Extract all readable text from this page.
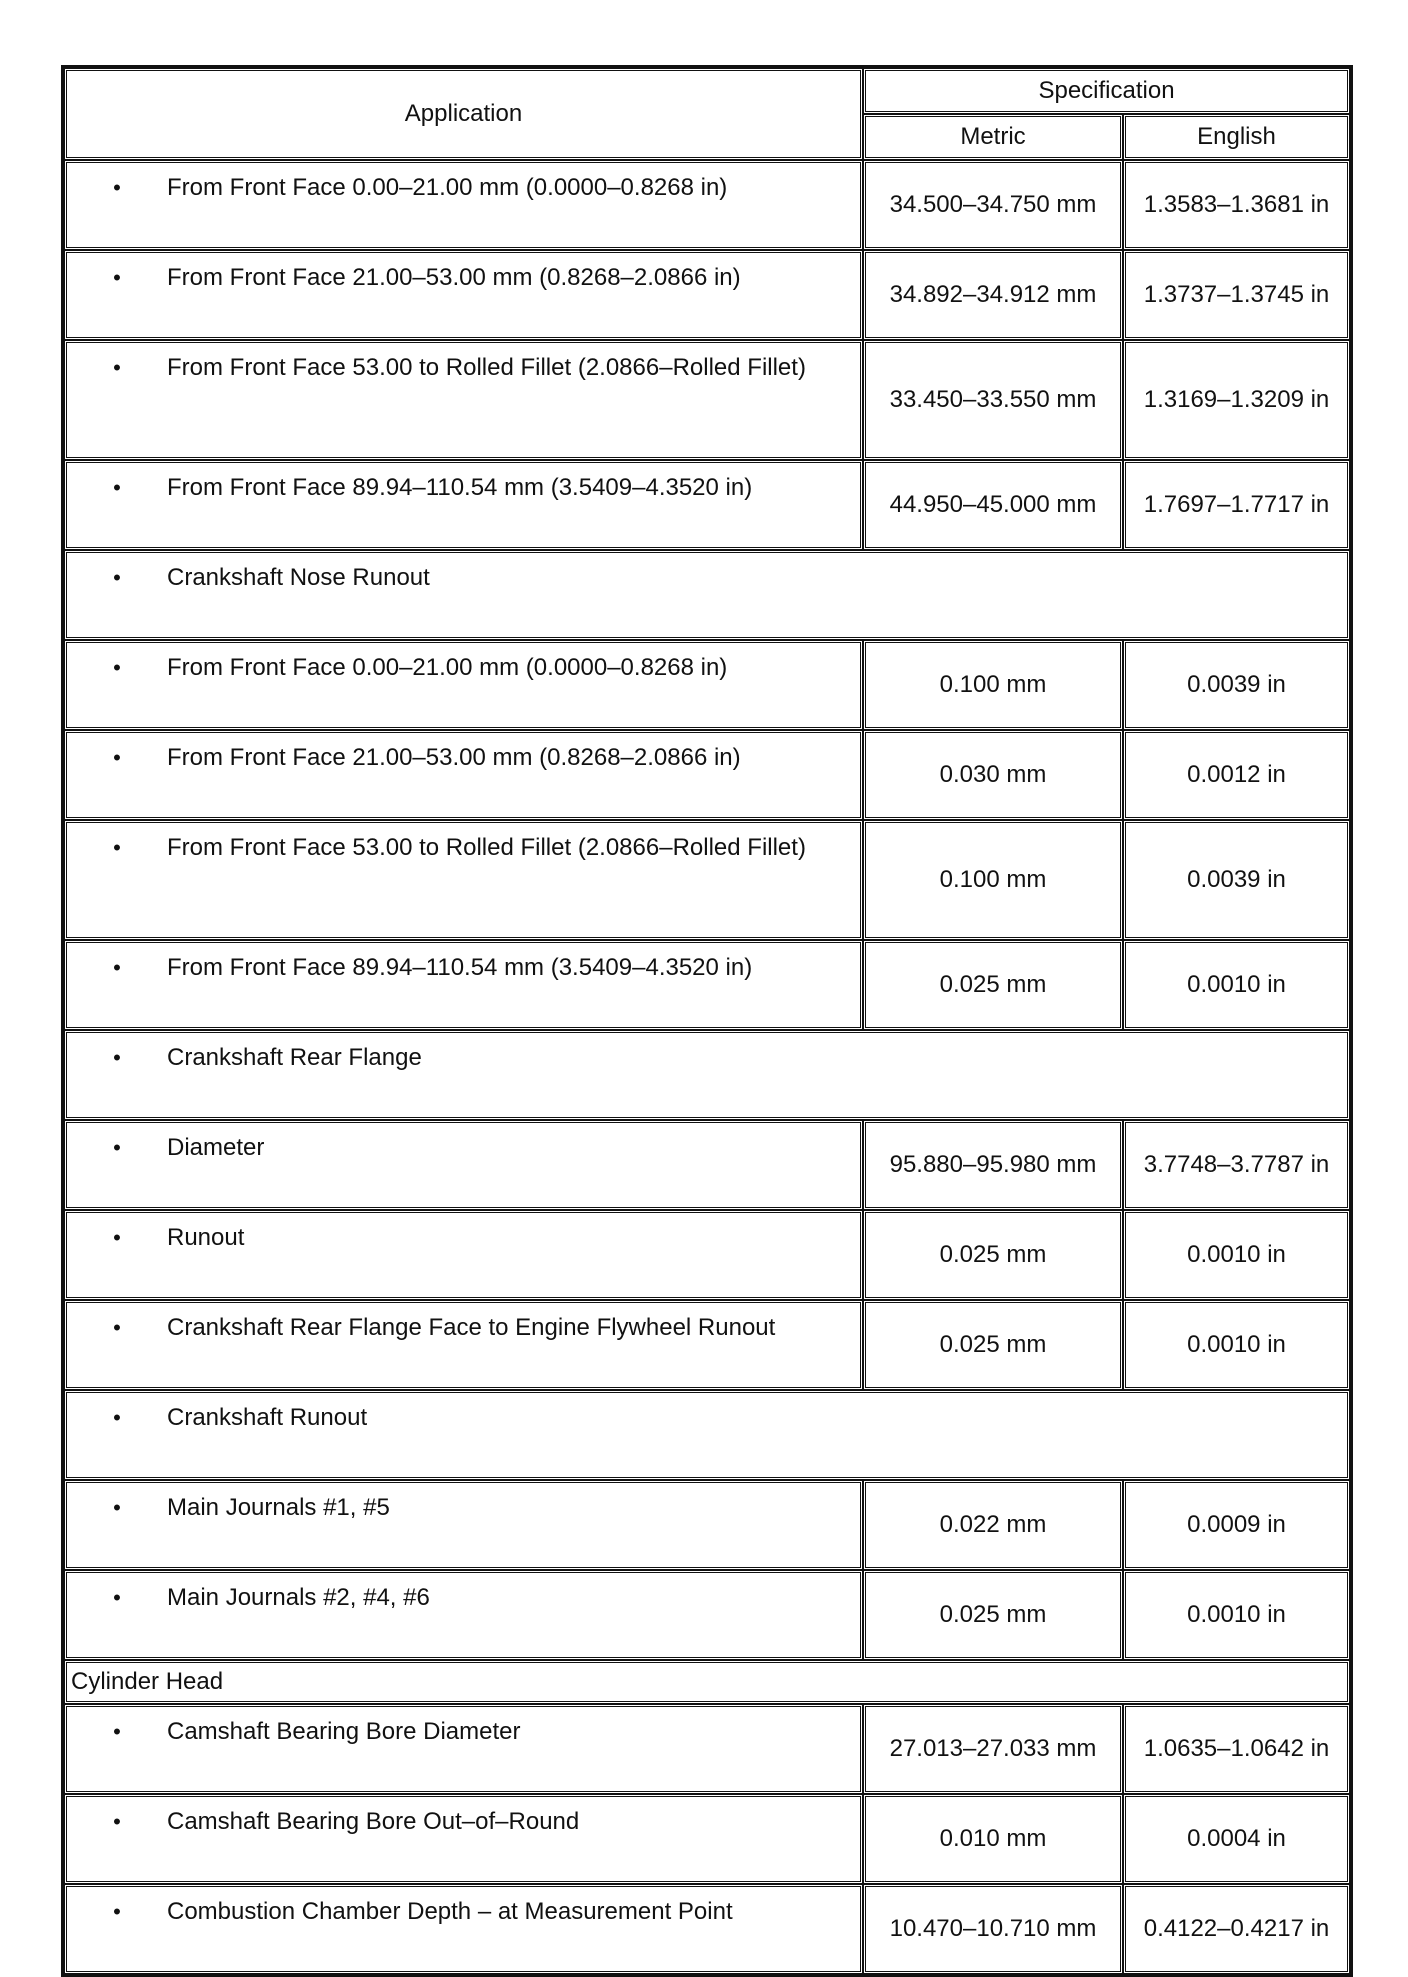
Application	Specification	
	Metric	English

• From Front Face 0.00–21.00 mm (0.0000–0.8268 in)	34.500–34.750 mm	1.3583–1.3681 in

• From Front Face 21.00–53.00 mm (0.8268–2.0866 in)	34.892–34.912 mm	1.3737–1.3745 in

• From Front Face 53.00 to Rolled Fillet (2.0866–Rolled Fillet)	33.450–33.550 mm	1.3169–1.3209 in

• From Front Face 89.94–110.54 mm (3.5409–4.3520 in)	44.950–45.000 mm	1.7697–1.7717 in

• Crankshaft Nose Runout		

• From Front Face 0.00–21.00 mm (0.0000–0.8268 in)	0.100 mm	0.0039 in

• From Front Face 21.00–53.00 mm (0.8268–2.0866 in)	0.030 mm	0.0012 in

• From Front Face 53.00 to Rolled Fillet (2.0866–Rolled Fillet)	0.100 mm	0.0039 in

• From Front Face 89.94–110.54 mm (3.5409–4.3520 in)	0.025 mm	0.0010 in

• Crankshaft Rear Flange		

• Diameter	95.880–95.980 mm	3.7748–3.7787 in

• Runout	0.025 mm	0.0010 in

• Crankshaft Rear Flange Face to Engine Flywheel Runout	0.025 mm	0.0010 in

• Crankshaft Runout		

• Main Journals #1, #5	0.022 mm	0.0009 in

• Main Journals #2, #4, #6	0.025 mm	0.0010 in
Cylinder Head		

• Camshaft Bearing Bore Diameter	27.013–27.033 mm	1.0635–1.0642 in

• Camshaft Bearing Bore Out–of–Round	0.010 mm	0.0004 in

• Combustion Chamber Depth – at Measurement Point	10.470–10.710 mm	0.4122–0.4217 in
